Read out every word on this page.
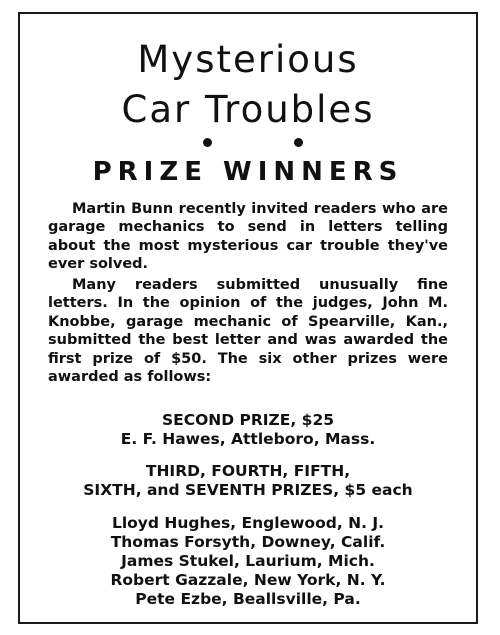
Mysterious
Car Troubles
PRIZE WINNERS
Martin Bunn recently invited readers who are garage mechanics to send in letters telling about the most mysterious car trouble they've ever solved.
Many readers submitted unusually fine letters. In the opinion of the judges, John M. Knobbe, garage mechanic of Spearville, Kan., submitted the best letter and was awarded the first prize of $50. The six other prizes were awarded as follows:
SECOND PRIZE, $25
E. F. Hawes, Attleboro, Mass.
THIRD, FOURTH, FIFTH,
SIXTH, and SEVENTH PRIZES, $5 each
Lloyd Hughes, Englewood, N. J.
Thomas Forsyth, Downey, Calif.
James Stukel, Laurium, Mich.
Robert Gazzale, New York, N. Y.
Pete Ezbe, Beallsville, Pa.
